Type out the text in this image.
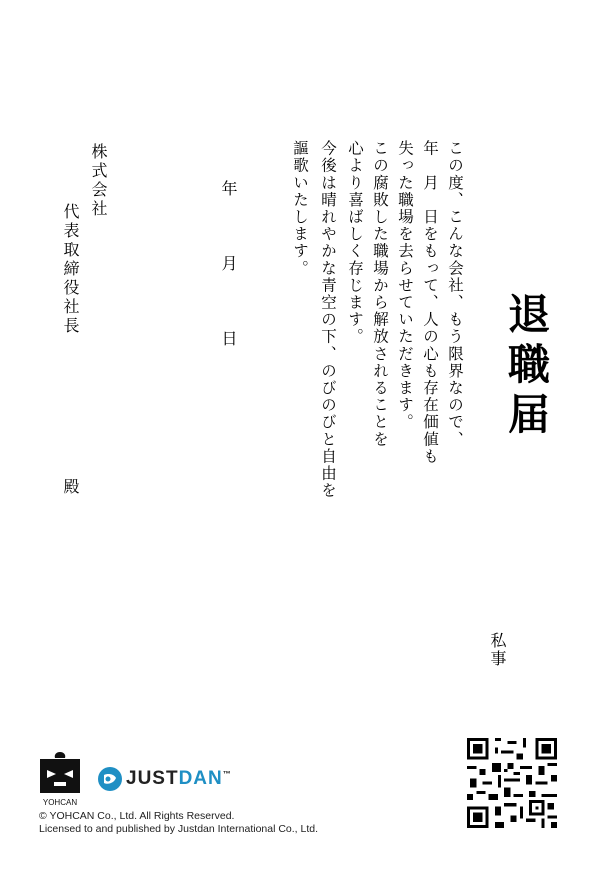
退職届
私事
この度、こんな会社、もう限界なので、
年　月　日をもって、人の心も存在価値も
失った職場を去らせていただきます。
この腐敗した職場から解放されることを
心より喜ばしく存じます。
今後は晴れやかな青空の下、のびのびと自由を
謳歌いたします。
年
月
日
株式会社
代表取締役社長
殿
YOHCAN
JUSTDAN™
© YOHCAN Co., Ltd. All Rights Reserved.
Licensed to and published by Justdan International Co., Ltd.
